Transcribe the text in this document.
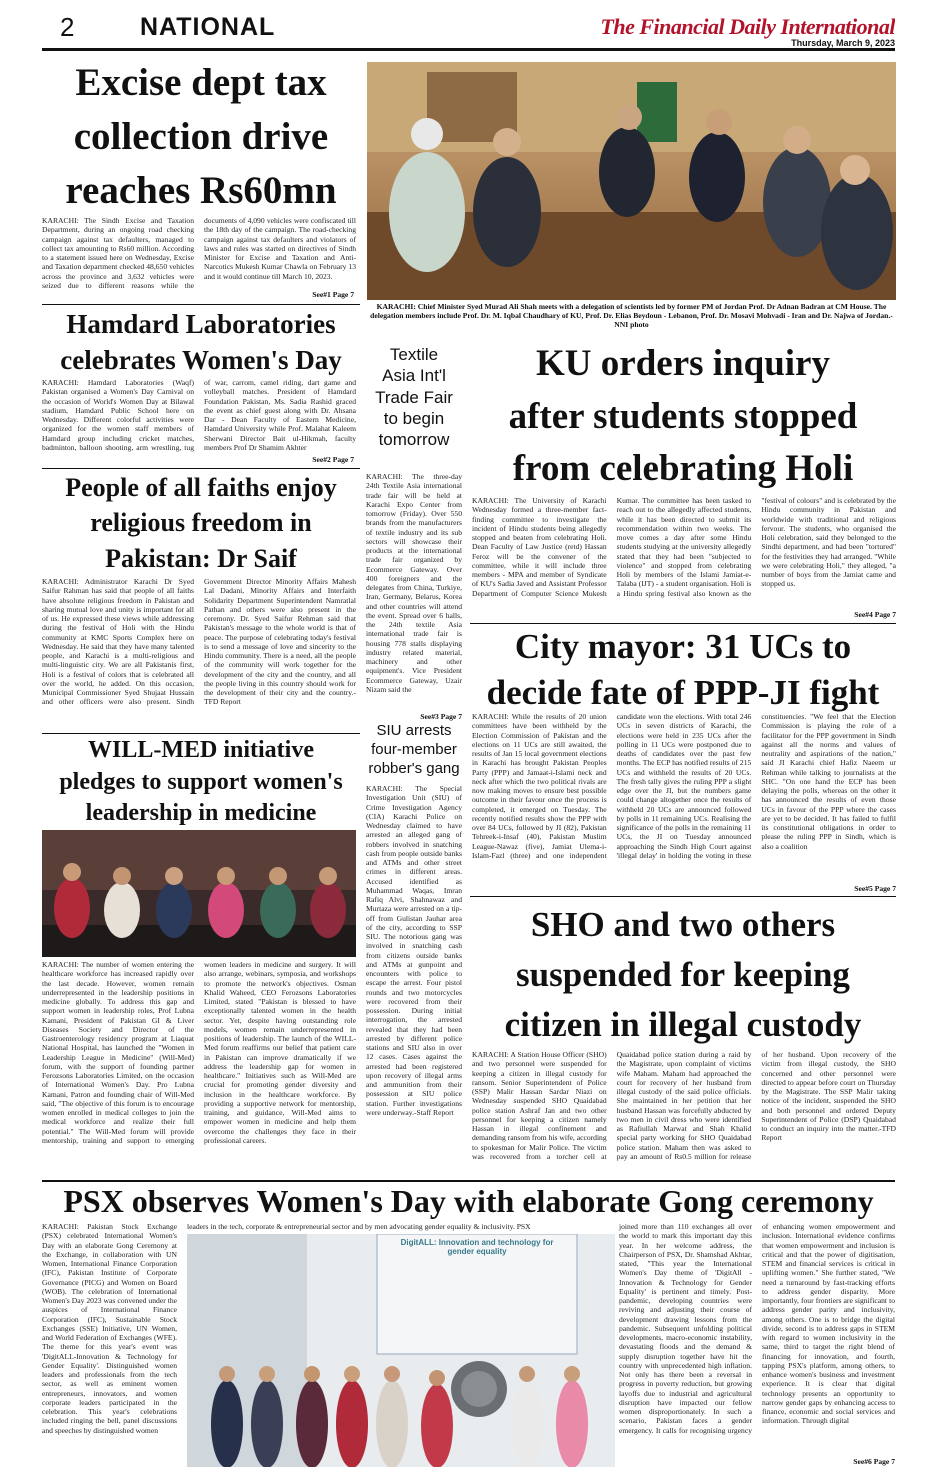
2	NATIONAL	The Financial Daily International
Thursday, March 9, 2023
Excise dept tax
collection drive
reaches Rs60mn
KARACHI: The Sindh Excise and Taxation Department, during an ongoing road checking campaign against tax defaulters, managed to collect tax amounting to Rs60 million. According to a statement issued here on Wednesday, Excise and Taxation department checked 48,650 vehicles across the province and 3,632 vehicles were seized due to different reasons while the documents of 4,090 vehicles were confiscated till the 18th day of the campaign. The road-checking campaign against tax defaulters and violators of laws and rules was started on directives of Sindh Minister for Excise and Taxation and Anti-Narcotics Mukesh Kumar Chawla on February 13 and it would continue till March 10, 2023.
See#1 Page 7
KARACHI: Chief Minister Syed Murad Ali Shah meets with a delegation of scientists led by former PM of Jordan Prof. Dr Adnan Badran at CM House. The delegation members include Prof. Dr. M. Iqbal Chaudhary of KU, Prof. Dr. Elias Beydoun - Lebanon, Prof. Dr. Mosavi Mohvadi - Iran and Dr. Najwa of Jordan.-NNI photo
Hamdard Laboratories
celebrates Women's Day
KARACHI: Hamdard Laboratories (Waqf) Pakistan organised a Women's Day Carnival on the occasion of World's Women Day at Bilawal stadium, Hamdard Public School here on Wednesday. Different colorful activities were organized for the women staff members of Hamdard group including cricket matches, badminton, balloon shooting, arm wrestling, tug of war, carrom, camel riding, dart game and volleyball matches. President of Hamdard Foundation Pakistan, Ms. Sadia Rashid graced the event as chief guest along with Dr. Ahsana Dar - Dean Faculty of Eastern Medicine, Hamdard University while Prof. Malahat Kaleem Sherwani Director Bait ul-Hikmah, faculty members Prof Dr Shamim Akhter
See#2 Page 7
Textile
Asia Int'l
Trade Fair
to begin
tomorrow
KARACHI: The three-day 24th Textile Asia international trade fair will be held at Karachi Expo Center from tomorrow (Friday). Over 550 brands from the manufacturers of textile industry and its sub sectors will showcase their products at the international trade fair organized by Ecommerce Gateway. Over 400 foreigners and the delegates from China, Turkiye, Iran, Germany, Belarus, Korea and other countries will attend the event. Spread over 6 halls, the 24th textile Asia international trade fair is housing 778 stalls displaying industry related material, machinery and other equipment's. Vice President Ecommerce Gateway, Uzair Nizam said the
See#3 Page 7
KU orders inquiry
after students stopped
from celebrating Holi
KARACHI: The University of Karachi Wednesday formed a three-member fact-finding committee to investigate the incident of Hindu students being allegedly stopped and beaten from celebrating Holi. Dean Faculty of Law Justice (retd) Hassan Feroz will be the convener of the committee, while it will include three members - MPA and member of Syndicate of KU's Sadia Javed and Assistant Professor Department of Computer Science Mukesh Kumar. The committee has been tasked to reach out to the allegedly affected students, while it has been directed to submit its recommendation within two weeks. The move comes a day after some Hindu students studying at the university allegedly stated that they had been "subjected to violence" and stopped from celebrating Holi by members of the Islami Jamiat-e-Talaba (IJT) - a student organisation. Holi is a Hindu spring festival also known as the "festival of colours" and is celebrated by the Hindu community in Pakistan and worldwide with traditional and religious fervour. The students, who organised the Holi celebration, said they belonged to the Sindhi department, and had been "tortured" for the festivities they had arranged. "While we were celebrating Holi," they alleged, "a number of boys from the Jamiat came and stopped us.
See#4 Page 7
People of all faiths enjoy
religious freedom in
Pakistan: Dr Saif
KARACHI: Administrator Karachi Dr Syed Saifur Rahman has said that people of all faiths have absolute religious freedom in Pakistan and sharing mutual love and unity is important for all of us. He expressed these views while addressing during the festival of Holi with the Hindu community at KMC Sports Complex here on Wednesday. He said that they have many talented people, and Karachi is a multi-religious and multi-linguistic city. We are all Pakistanis first, Holi is a festival of colors that is celebrated all over the world, he added. On this occasion, Municipal Commissioner Syed Shujaat Hussain and other officers were also present. Sindh Government Director Minority Affairs Mahesh Lal Dadani, Minority Affairs and Interfaith Solidarity Department Superintendent Namratlal Pathan and others were also present in the ceremony. Dr. Syed Saifur Rehman said that Pakistan's message to the whole world is that of peace. The purpose of celebrating today's festival is to send a message of love and sincerity to the Hindu community. There is a need, all the people of the community will work together for the development of the city and the country, and all the people living in this country should work for the development of their city and the country.-TFD Report
SIU arrests
four-member
robber's gang
KARACHI: The Special Investigation Unit (SIU) of Crime Investigation Agency (CIA) Karachi Police on Wednesday claimed to have arrested an alleged gang of robbers involved in snatching cash from people outside banks and ATMs and other street crimes in different areas. Accused identified as Muhammad Waqas, Imran Rafiq Alvi, Shahnawaz and Murtaza were arrested on a tip-off from Gulistan Jauhar area of the city, according to SSP SIU. The notorious gang was involved in snatching cash from citizens outside banks and ATMs at gunpoint and encounters with police to escape the arrest. Four pistol rounds and two motorcycles were recovered from their possession. During initial interrogation, the arrested revealed that they had been arrested by different police stations and SIU also in over 12 cases. Cases against the arrested had been registered upon recovery of illegal arms and ammunition from their possession at SIU police station. Further investigations were underway.-Staff Report
City mayor: 31 UCs to
decide fate of PPP-JI fight
KARACHI: While the results of 20 union committees have been withheld by the Election Commission of Pakistan and the elections on 11 UCs are still awaited, the results of Jan 15 local government elections in Karachi has brought Pakistan Peoples Party (PPP) and Jamaat-i-Islami neck and neck after which the two political rivals are now making moves to ensure best possible outcome in their favour once the process is completed, it emerged on Tuesday. The recently notified results show the PPP with over 84 UCs, followed by JI (82), Pakistan Tehreek-i-Insaf (40), Pakistan Muslim League-Nawaz (five), Jamiat Ulema-i-Islam-Fazl (three) and one independent candidate won the elections. With total 246 UCs in seven districts of Karachi, the elections were held in 235 UCs after the polling in 11 UCs were postponed due to deaths of candidates over the past few months. The ECP has notified results of 215 UCs and withheld the results of 20 UCs. The fresh tally gives the ruling PPP a slight edge over the JI, but the numbers game could change altogether once the results of withheld 20 UCs are announced followed by polls in 11 remaining UCs. Realising the significance of the polls in the remaining 11 UCs, the JI on Tuesday announced approaching the Sindh High Court against 'illegal delay' in holding the voting in these constituencies. "We feel that the Election Commission is playing the role of a facilitator for the PPP government in Sindh against all the norms and values of neutrality and aspirations of the nation," said JI Karachi chief Hafiz Naeem ur Rehman while talking to journalists at the SHC. "On one hand the ECP has been delaying the polls, whereas on the other it has announced the results of even those UCs in favour of the PPP where the cases are yet to be decided. It has failed to fulfil its constitutional obligations in order to please the ruling PPP in Sindh, which is also a coalition
See#5 Page 7
WILL-MED initiative
pledges to support women's
leadership in medicine
KARACHI: The number of women entering the healthcare workforce has increased rapidly over the last decade. However, women remain underrepresented in the leadership positions in medicine globally. To address this gap and support women in leadership roles, Prof Lubna Kamani, President of Pakistan GI & Liver Diseases Society and Director of the Gastroenterology residency program at Liaquat National Hospital, has launched the "Women in Leadership League in Medicine" (Will-Med) forum, with the support of founding partner Ferozsons Laboratories Limited, on the occasion of International Women's Day. Pro Lubna Kamani, Patron and founding chair of Will-Med said, "The objective of this forum is to encourage women enrolled in medical colleges to join the medical workforce and realize their full potential." The Will-Med forum will provide mentorship, training and support to emerging women leaders in medicine and surgery. It will also arrange, webinars, symposia, and workshops to promote the network's objectives. Osman Khalid Waheed, CEO Ferozsons Laboratories Limited, stated "Pakistan is blessed to have exceptionally talented women in the health sector. Yet, despite having outstanding role models, women remain underrepresented in positions of leadership. The launch of the WILL-Med forum reaffirms our belief that patient care in Pakistan can improve dramatically if we address the leadership gap for women in healthcare." Initiatives such as Will-Med are crucial for promoting gender diversity and inclusion in the healthcare workforce. By providing a supportive network for mentorship, training, and guidance, Will-Med aims to empower women in medicine and help them overcome the challenges they face in their professional careers.
SHO and two others
suspended for keeping
citizen in illegal custody
KARACHI: A Station House Officer (SHO) and two personnel were suspended for keeping a citizen in illegal custody for ransom. Senior Superintendent of Police (SSP) Malir Hassan Sardar Niazi on Wednesday suspended SHO Quaidabad police station Ashraf Jan and two other personnel for keeping a citizen namely Hassan in illegal confinement and demanding ransom from his wife, according to spokesman for Malir Police. The victim was recovered from a torcher cell at Quaidabad police station during a raid by the Magistrate, upon complaint of victims wife Maham. Maham had approached the court for recovery of her husband from illegal custody of the said police officials. She maintained in her petition that her husband Hassan was forcefully abducted by two men in civil dress who were identified as Rafiullah Marwat and Shah Khalid special party working for SHO Quaidabad police station. Maham then was asked to pay an amount of Rs0.5 million for release of her husband. Upon recovery of the victim from illegal custody, the SHO concerned and other personnel were directed to appear before court on Thursday by the Magistrate. The SSP Malir taking notice of the incident, suspended the SHO and both personnel and ordered Deputy Superintendent of Police (DSP) Quaidabad to conduct an inquiry into the matter.-TFD Report
PSX observes Women's Day with elaborate Gong ceremony
KARACHI: Pakistan Stock Exchange (PSX) celebrated International Women's Day with an elaborate Gong Ceremony at the Exchange, in collaboration with UN Women, International Finance Corporation (IFC), Pakistan Institute of Corporate Governance (PICG) and Women on Board (WOB). The celebration of International Women's Day 2023 was convened under the auspices of International Finance Corporation (IFC), Sustainable Stock Exchanges (SSE) Initiative, UN Women, and World Federation of Exchanges (WFE). The theme for this year's event was 'DigitALL-Innovation & Technology for Gender Equality'. Distinguished women leaders and professionals from the tech sector, as well as eminent women entrepreneurs, innovators, and women corporate leaders participated in the celebration. This year's celebrations included ringing the bell, panel discussions and speeches by distinguished women
leaders in the tech, corporate & entrepreneurial sector and by men advocating gender equality & inclusivity. PSX
DigitALL: Innovation and technology for gender equality
joined more than 110 exchanges all over the world to mark this important day this year. In her welcome address, the Chairperson of PSX, Dr. Shamshad Akhtar, stated, "This year the International Women's Day theme of 'DigitAll - Innovation & Technology for Gender Equality' is pertinent and timely. Post-pandemic, developing countries were reviving and adjusting their course of development drawing lessons from the pandemic. Subsequent unfolding political developments, macro-economic instability, devastating floods and the demand & supply disruption together have hit the country with unprecedented high inflation. Not only has there been a reversal in progress in poverty reduction, but growing layoffs due to industrial and agricultural disruption have impacted our fellow women disproportionately. In such a scenario, Pakistan faces a gender emergency. It calls for recognising urgency of enhancing women empowerment and inclusion. International evidence confirms that women empowerment and inclusion is critical and that the power of digitisation, STEM and financial services is critical in uplifting women." She further stated, "We need a turnaround by fast-tracking efforts to address gender disparity. More importantly, four frontiers are significant to address gender parity and inclusivity, among others. One is to bridge the digital divide, second is to address gaps in STEM with regard to women inclusivity in the same, third to target the right blend of financing for innovation, and fourth, tapping PSX's platform, among others, to enhance women's business and investment experience. It is clear that digital technology presents an opportunity to narrow gender gaps by enhancing access to finance, economic and social services and information. Through digital
See#6 Page 7
